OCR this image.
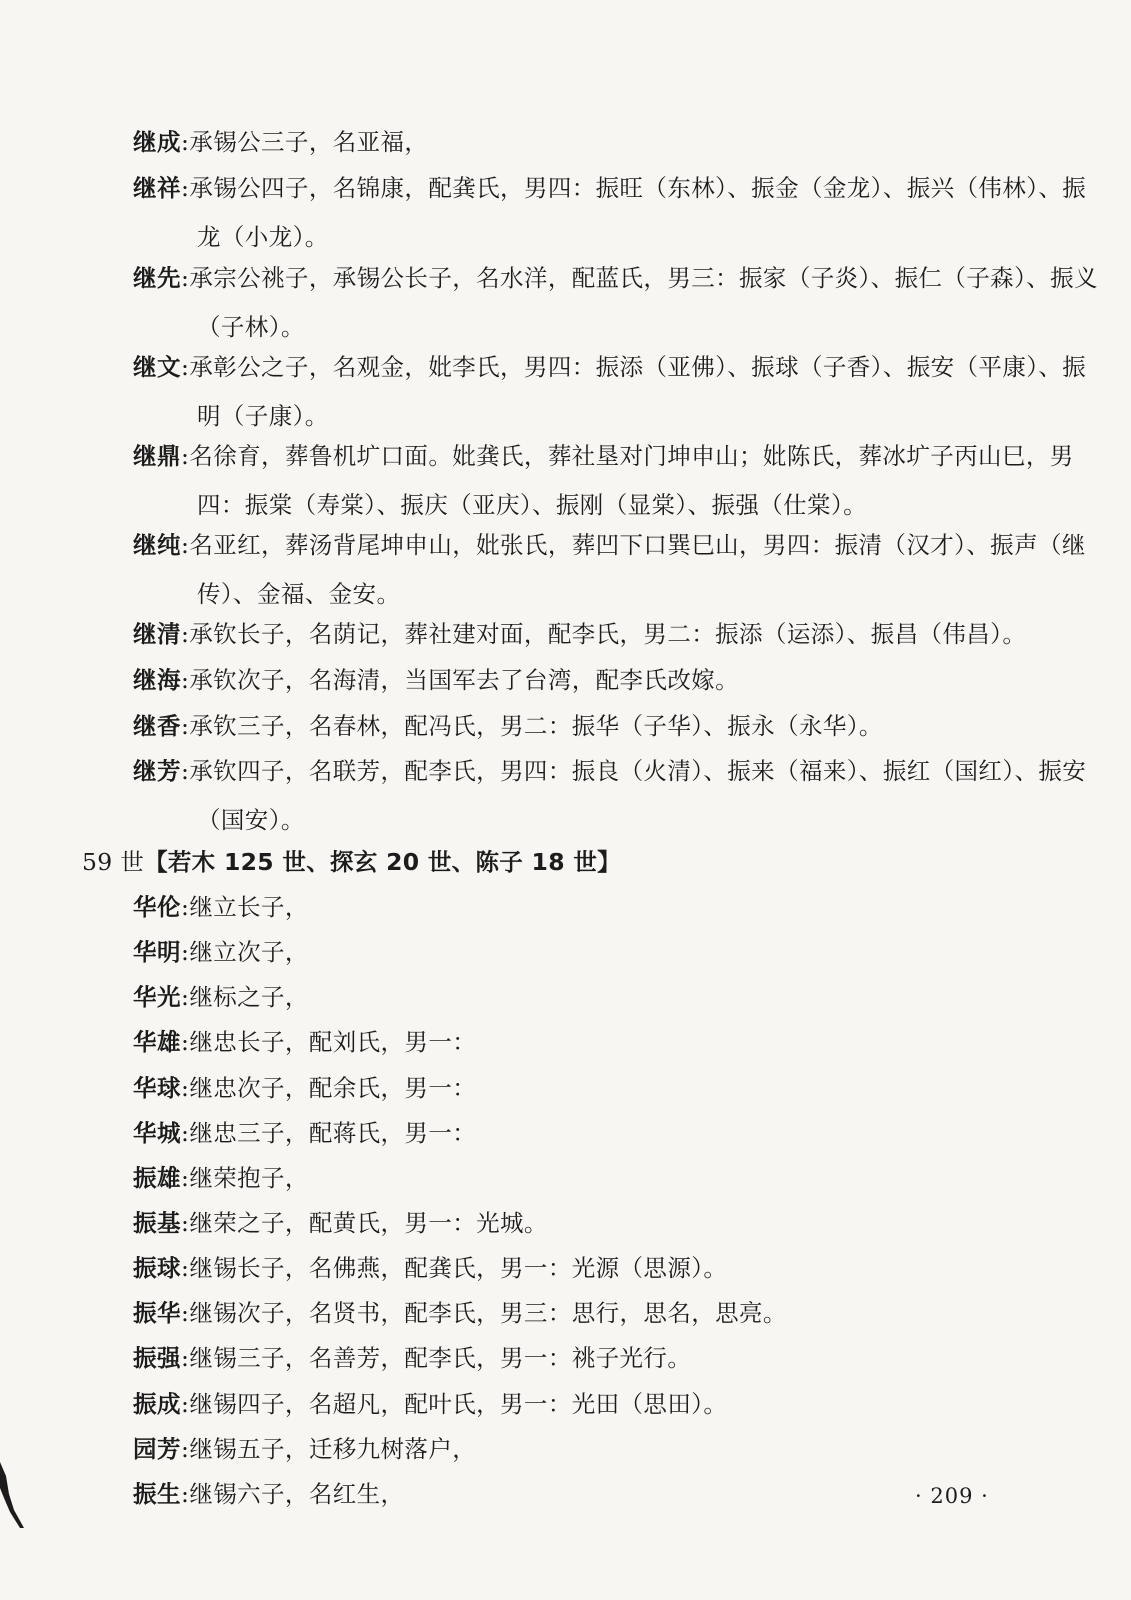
继成:承锡公三子，名亚福，
继祥:承锡公四子，名锦康，配龚氏，男四：振旺（东林）、振金（金龙）、振兴（伟林）、振龙（小龙）。
继先:承宗公祧子，承锡公长子，名水洋，配蓝氏，男三：振家（子炎）、振仁（子森）、振义（子林）。
继文:承彰公之子，名观金，妣李氏，男四：振添（亚佛）、振球（子香）、振安（平康）、振明（子康）。
继鼎:名徐育，葬鲁机圹口面。妣龚氏，葬社垦对门坤申山；妣陈氏，葬冰圹子丙山巳，男四：振棠（寿棠）、振庆（亚庆）、振刚（显棠）、振强（仕棠）。
继纯:名亚红，葬汤背尾坤申山，妣张氏，葬凹下口巽巳山，男四：振清（汉才）、振声（继传）、金福、金安。
继清:承钦长子，名荫记，葬社建对面，配李氏，男二：振添（运添）、振昌（伟昌）。
继海:承钦次子，名海清，当国军去了台湾，配李氏改嫁。
继香:承钦三子，名春林，配冯氏，男二：振华（子华）、振永（永华）。
继芳:承钦四子，名联芳，配李氏，男四：振良（火清）、振来（福来）、振红（国红）、振安（国安）。
59 世【若木 125 世、探玄 20 世、陈子 18 世】
华伦:继立长子，
华明:继立次子，
华光:继标之子，
华雄:继忠长子，配刘氏，男一：
华球:继忠次子，配余氏，男一：
华城:继忠三子，配蒋氏，男一：
振雄:继荣抱子，
振基:继荣之子，配黄氏，男一：光城。
振球:继锡长子，名佛燕，配龚氏，男一：光源（思源）。
振华:继锡次子，名贤书，配李氏，男三：思行，思名，思亮。
振强:继锡三子，名善芳，配李氏，男一：祧子光行。
振成:继锡四子，名超凡，配叶氏，男一：光田（思田）。
园芳:继锡五子，迁移九树落户，
振生:继锡六子，名红生，	· 209 ·
